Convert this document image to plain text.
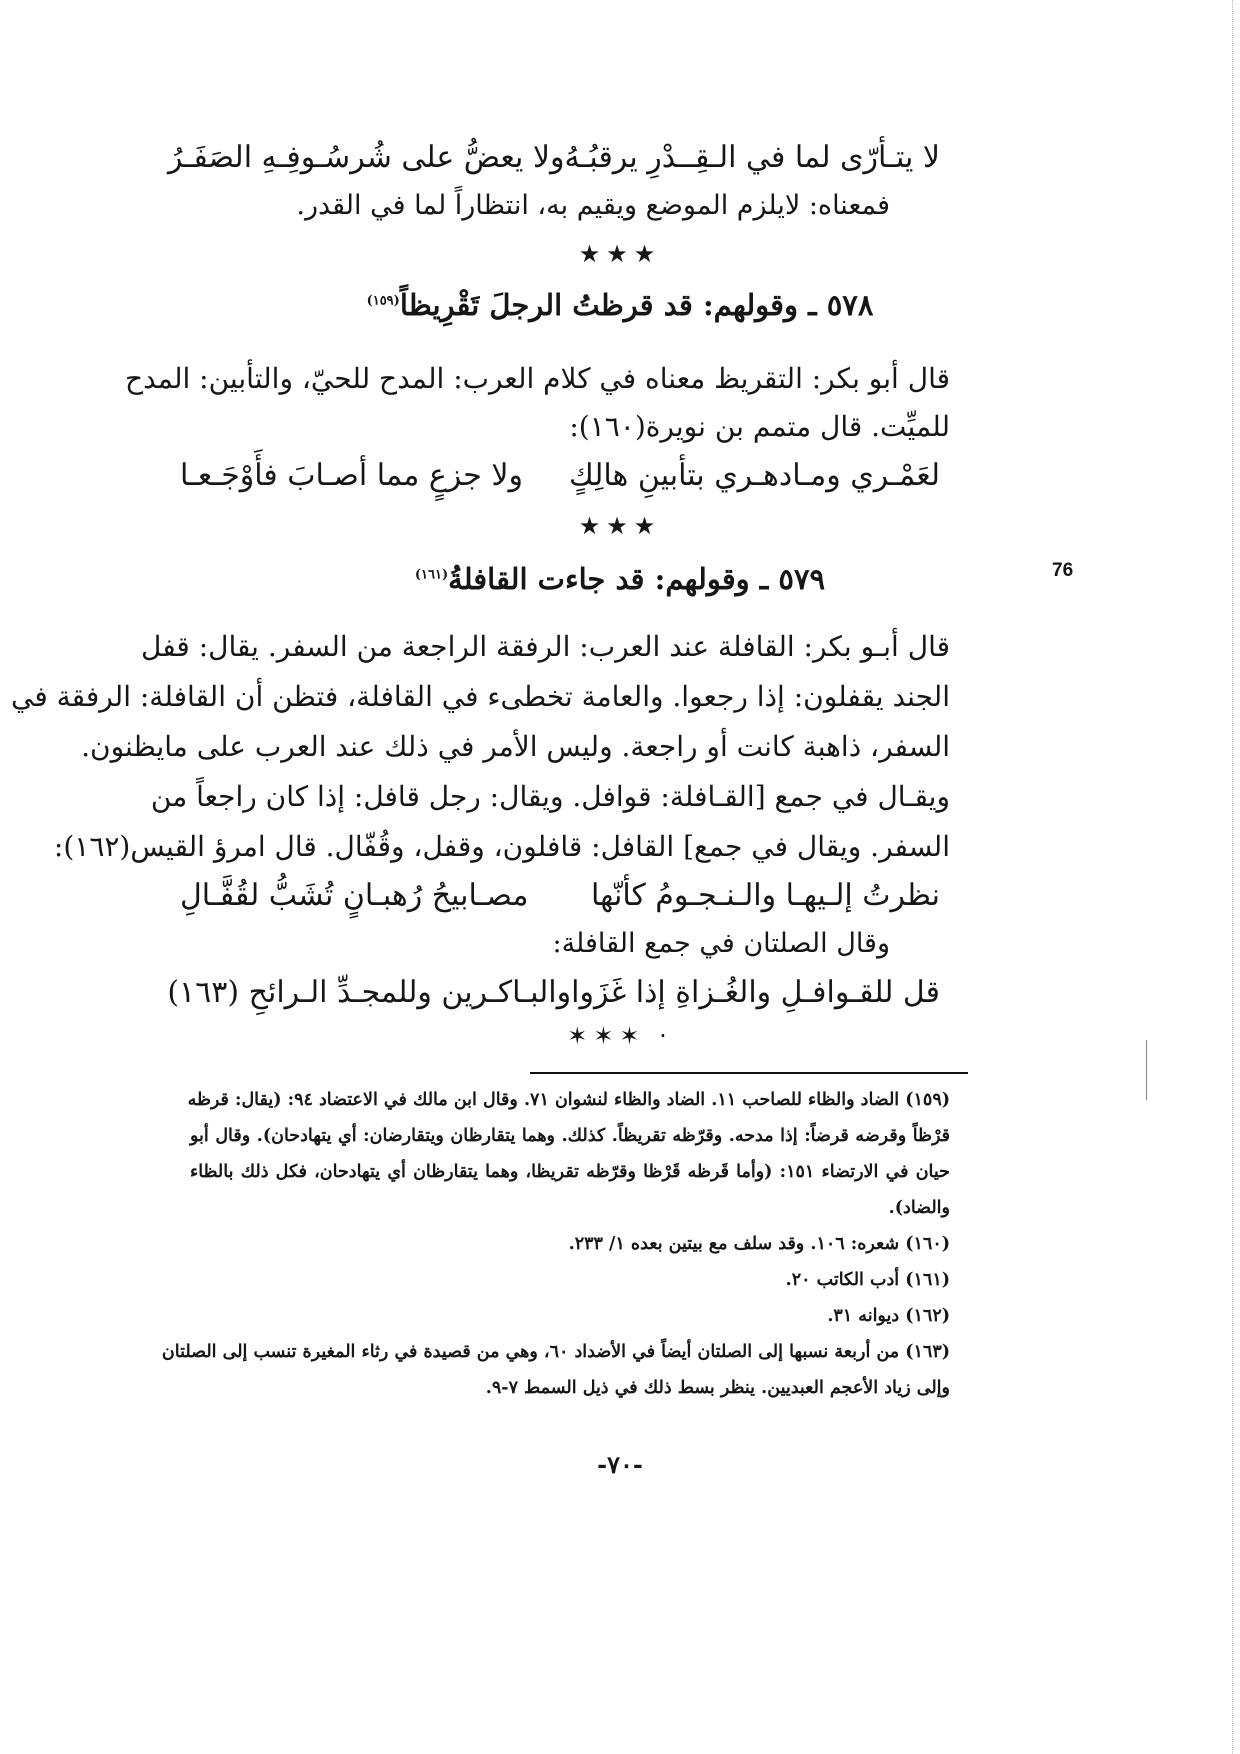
76
لا يتـأرّى لما في الـقِــدْرِ يرقبُـهُ
ولا يعضُّ على شُرسُـوفِـهِ الصَفَـرُ
فمعناه: لايلزم الموضع ويقيم به، انتظاراً لما في القدر.
★★★
٥٧٨ ـ وقولهم: قد قرظتُ الرجلَ تَقْرِيظاً$^{(١٥٩)}$
قال أبو بكر: التقريظ معناه في كلام العرب: المدح للحيّ، والتأبين: المدح
للميِّت. قال متمم بن نويرة(١٦٠):
لعَمْـري ومـادهـري بتأبينِ هالِكٍ
ولا جزعٍ مما أصـابَ فأَوْجَـعـا
★★★
٥٧٩ ـ وقولهم: قد جاءت القافلةُ$^{(١٦١)}$
قال أبـو بكر: القافلة عند العرب: الرفقة الراجعة من السفر. يقال: قفل
الجند يقفلون: إذا رجعوا. والعامة تخطىء في القافلة، فتظن أن القافلة: الرفقة في
السفر، ذاهبة كانت أو راجعة. وليس الأمر في ذلك عند العرب على مايظنون.
ويقـال في جمع [القـافلة: قوافل. ويقال: رجل قافل: إذا كان راجعاً من
السفر. ويقال في جمع] القافل: قافلون، وقفل، وقُفّال. قال امرؤ القيس(١٦٢):
نظرتُ إلـيهـا والـنـجـومُ كأنّها
مصـابيحُ رُهبـانٍ تُشَبُّ لقُفَّـالِ
وقال الصلتان في جمع القافلة:
قل للقـوافـلِ والغُـزاةِ إذا غَزَوا
والبـاكـرين وللمجـدِّ الـرائحِ (١٦٣)
· ✶✶✶
(١٥٩) الضاد والظاء للصاحب ١١. الضاد والظاء لنشوان ٧١. وقال ابن مالك في الاعتضاد ٩٤: (يقال: قرظه
قرْظاً وقرضه قرضاً: إذا مدحه. وقرّظه تقريظاً. كذلك. وهما يتقارظان ويتقارضان: أي يتهادحان). وقال أبو
حيان في الارتضاء ١٥١: (وأما قَرظه قَرْظا وقرّظه تقريظا، وهما يتقارظان أي يتهادحان، فكل ذلك بالظاء
والضاد).
(١٦٠) شعره: ١٠٦. وقد سلف مع بيتين بعده ١/ ٢٣٣.
(١٦١) أدب الكاتب ٢٠.
(١٦٢) ديوانه ٣١.
(١٦٣) من أربعة نسبها إلى الصلتان أيضاً في الأضداد ٦٠، وهي من قصيدة في رثاء المغيرة تنسب إلى الصلتان
وإلى زياد الأعجم العبديين. ينظر بسط ذلك في ذيل السمط ٧-٩.
-٧٠-
